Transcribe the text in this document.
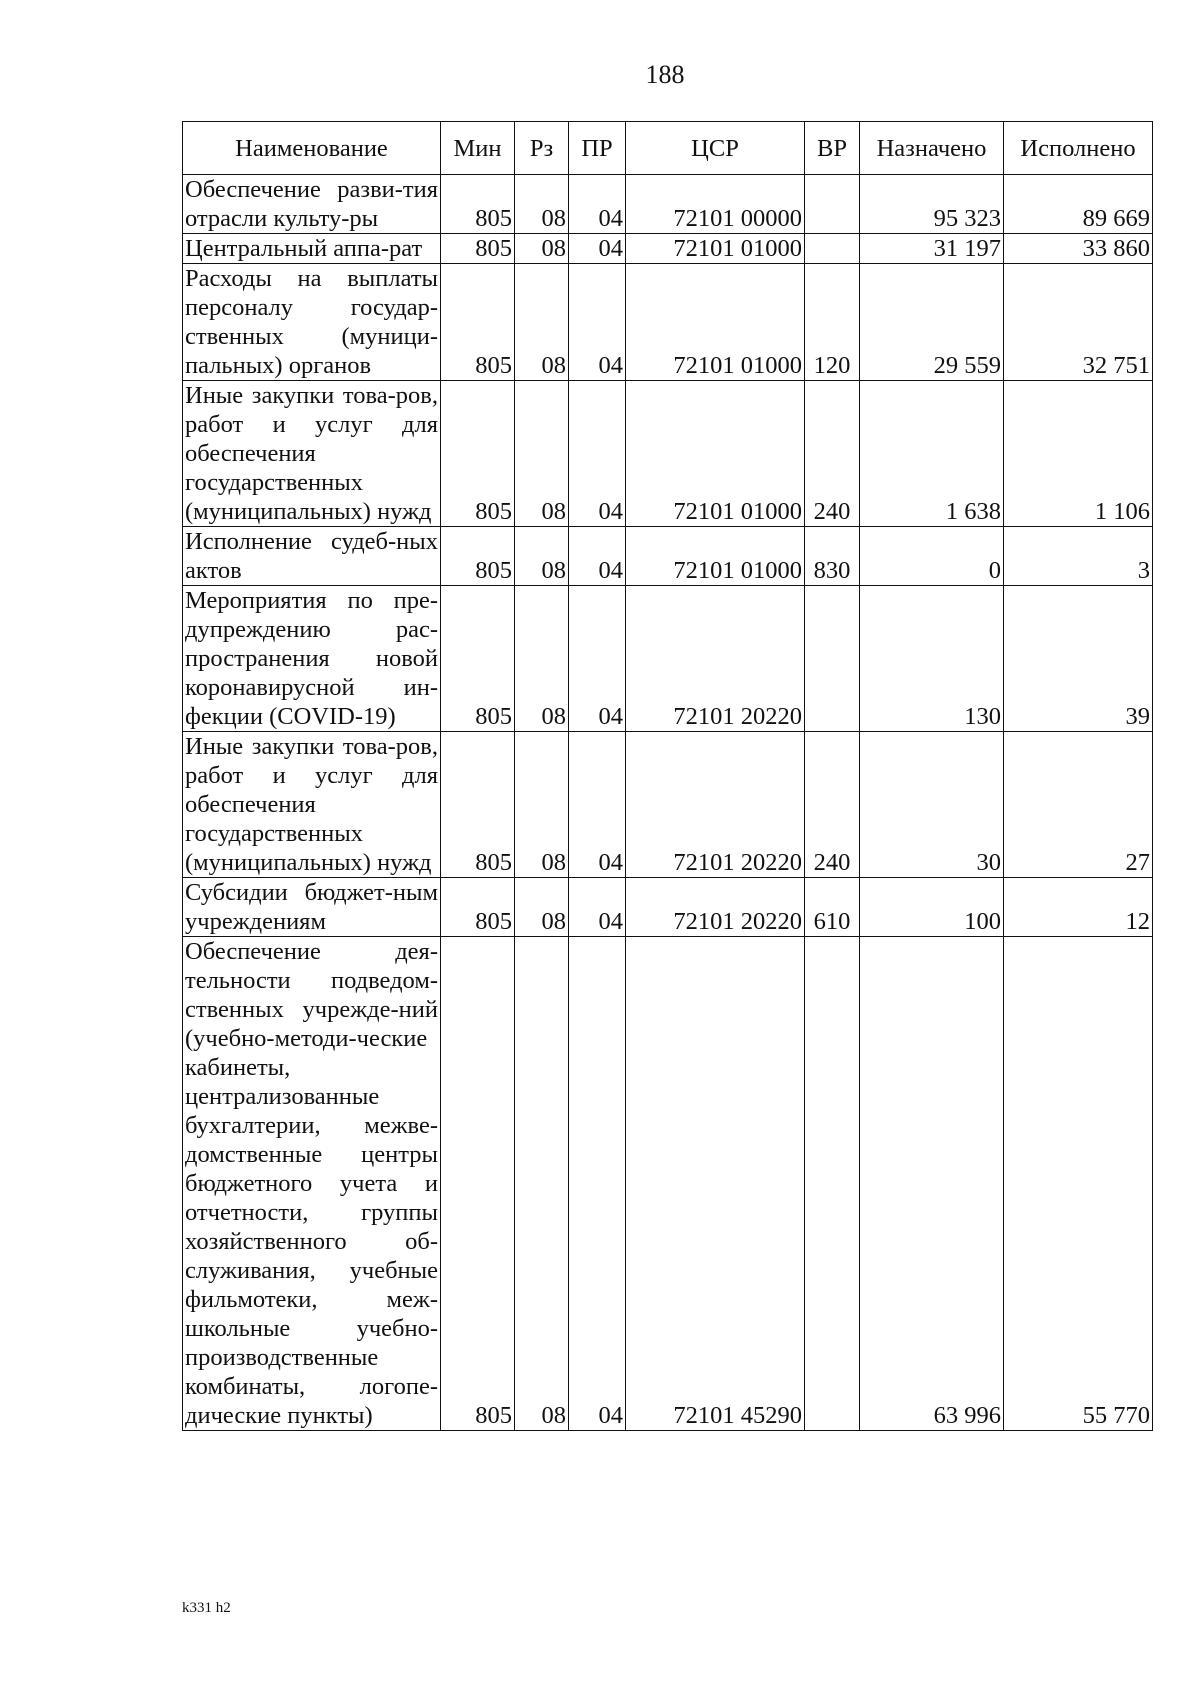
188
Наименование	Мин	Рз	ПР	ЦСР	ВР	Назначено	Исполнено
Обеспечение разви-тия отрасли культу-ры	805	08	04	72101 00000		95 323	89 669
Центральный аппа-рат	805	08	04	72101 01000		31 197	33 860
Расходы на выплаты персоналу государ-ственных (муници-пальных) органов	805	08	04	72101 01000	120	29 559	32 751
Иные закупки това-ров, работ и услуг для обеспечения государственных (муниципальных) нужд	805	08	04	72101 01000	240	1 638	1 106
Исполнение судеб-ных актов	805	08	04	72101 01000	830	0	3
Мероприятия по пре-дупреждению рас-пространения новой коронавирусной ин-фекции (COVID-19)	805	08	04	72101 20220		130	39
Иные закупки това-ров, работ и услуг для обеспечения государственных (муниципальных) нужд	805	08	04	72101 20220	240	30	27
Субсидии бюджет-ным учреждениям	805	08	04	72101 20220	610	100	12
Обеспечение дея-тельности подведом-ственных учрежде-ний (учебно-методи-ческие кабинеты, централизованные бухгалтерии, межве-домственные центры бюджетного учета и отчетности, группы хозяйственного об-служивания, учебные фильмотеки, меж-школьные учебно-производственные комбинаты, логопе-дические пункты)	805	08	04	72101 45290		63 996	55 770
k331 h2
